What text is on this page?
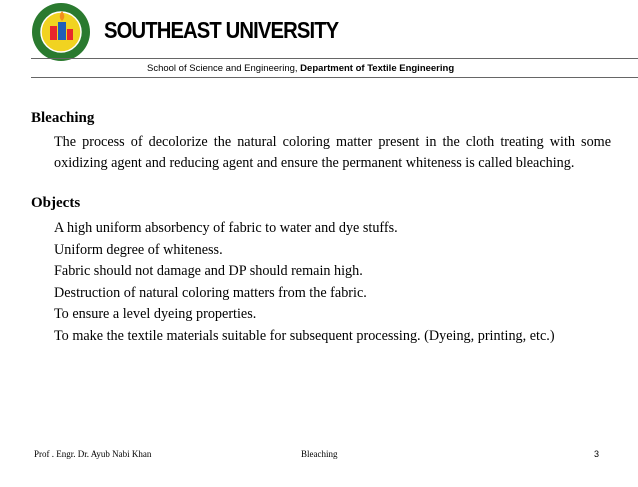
SOUTHEAST UNIVERSITY
School of Science and Engineering, Department of Textile Engineering
Bleaching
The process of decolorize the natural coloring matter present in the cloth treating with some oxidizing agent and reducing agent and ensure the permanent whiteness is called bleaching.
Objects
A high uniform absorbency of fabric to water and dye stuffs.
Uniform degree of whiteness.
Fabric should not damage and DP should remain high.
Destruction of natural coloring matters from the fabric.
To ensure a level dyeing properties.
To make the textile materials suitable for subsequent processing. (Dyeing, printing, etc.)
Prof . Engr. Dr. Ayub Nabi Khan	Bleaching	3
